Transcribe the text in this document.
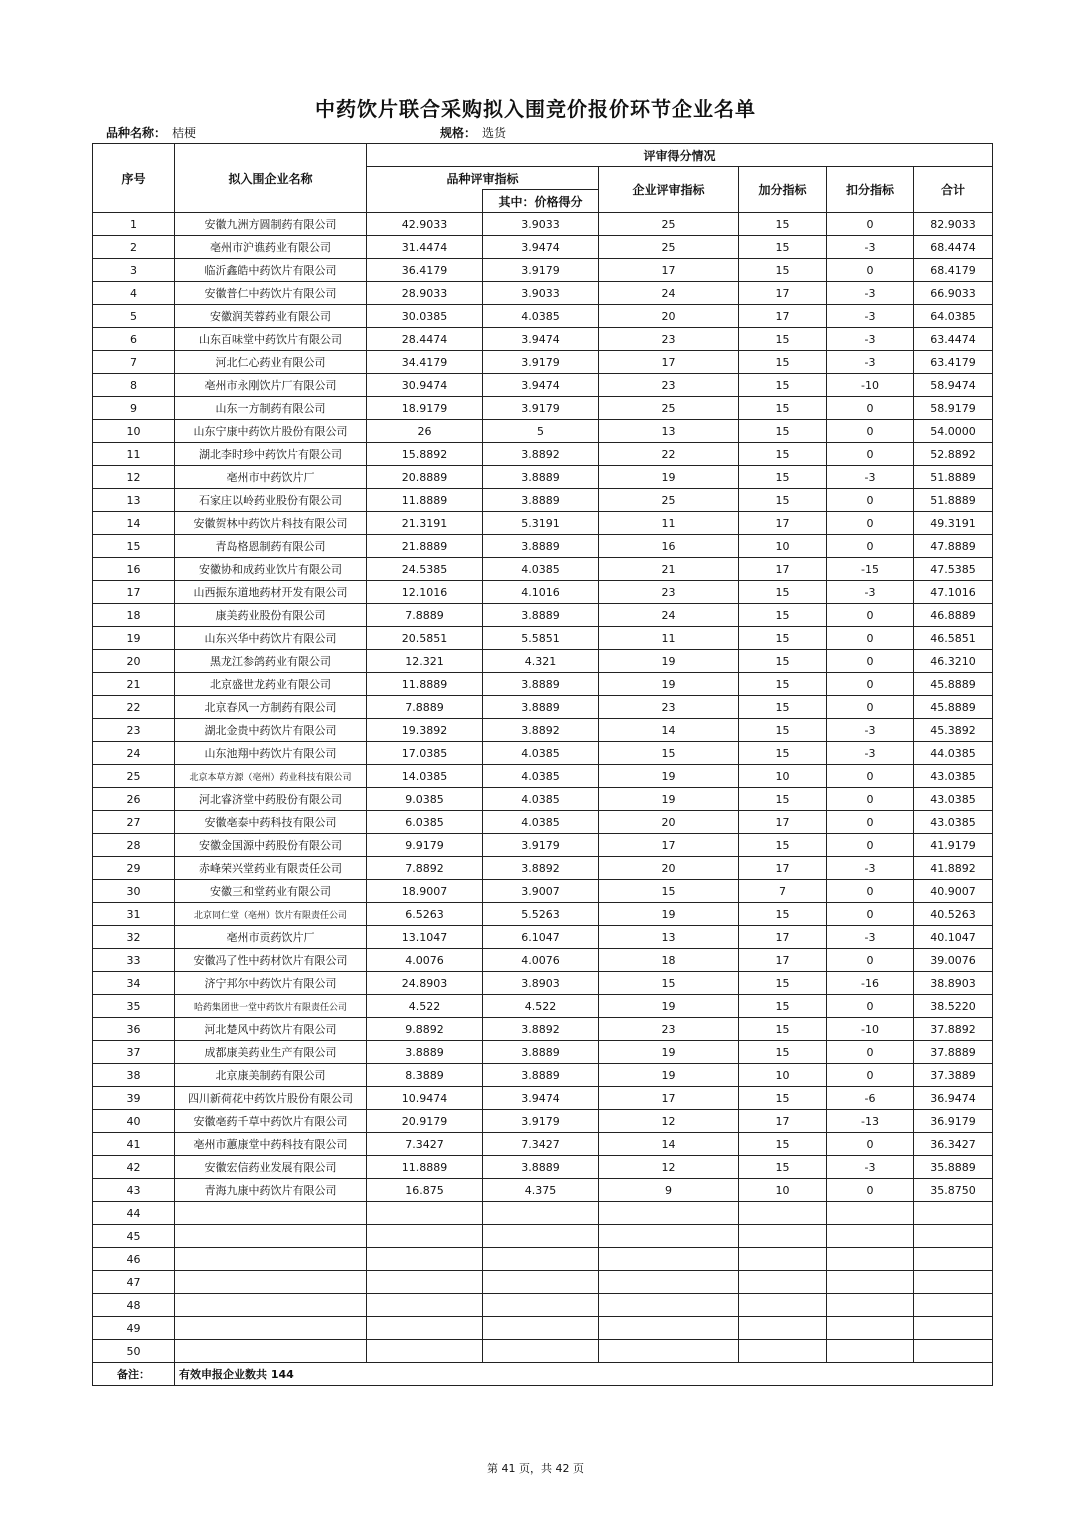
中药饮片联合采购拟入围竞价报价环节企业名单
品种名称： 桔梗	规格： 选货
序号	拟入围企业名称	评审得分情况					
		品种评审指标		企业评审指标	加分指标	扣分指标	合计
			其中：价格得分				
1	安徽九洲方圆制药有限公司	42.9033	3.9033	25	15	0	82.9033
2	亳州市沪谯药业有限公司	31.4474	3.9474	25	15	-3	68.4474
3	临沂鑫皓中药饮片有限公司	36.4179	3.9179	17	15	0	68.4179
4	安徽普仁中药饮片有限公司	28.9033	3.9033	24	17	-3	66.9033
5	安徽润芙蓉药业有限公司	30.0385	4.0385	20	17	-3	64.0385
6	山东百味堂中药饮片有限公司	28.4474	3.9474	23	15	-3	63.4474
7	河北仁心药业有限公司	34.4179	3.9179	17	15	-3	63.4179
8	亳州市永刚饮片厂有限公司	30.9474	3.9474	23	15	-10	58.9474
9	山东一方制药有限公司	18.9179	3.9179	25	15	0	58.9179
10	山东宁康中药饮片股份有限公司	26	5	13	15	0	54.0000
11	湖北李时珍中药饮片有限公司	15.8892	3.8892	22	15	0	52.8892
12	亳州市中药饮片厂	20.8889	3.8889	19	15	-3	51.8889
13	石家庄以岭药业股份有限公司	11.8889	3.8889	25	15	0	51.8889
14	安徽贺林中药饮片科技有限公司	21.3191	5.3191	11	17	0	49.3191
15	青岛格恩制药有限公司	21.8889	3.8889	16	10	0	47.8889
16	安徽协和成药业饮片有限公司	24.5385	4.0385	21	17	-15	47.5385
17	山西振东道地药材开发有限公司	12.1016	4.1016	23	15	-3	47.1016
18	康美药业股份有限公司	7.8889	3.8889	24	15	0	46.8889
19	山东兴华中药饮片有限公司	20.5851	5.5851	11	15	0	46.5851
20	黑龙江参鸽药业有限公司	12.321	4.321	19	15	0	46.3210
21	北京盛世龙药业有限公司	11.8889	3.8889	19	15	0	45.8889
22	北京春风一方制药有限公司	7.8889	3.8889	23	15	0	45.8889
23	湖北金贵中药饮片有限公司	19.3892	3.8892	14	15	-3	45.3892
24	山东池翔中药饮片有限公司	17.0385	4.0385	15	15	-3	44.0385
25	北京本草方源（亳州）药业科技有限公司	14.0385	4.0385	19	10	0	43.0385
26	河北睿济堂中药股份有限公司	9.0385	4.0385	19	15	0	43.0385
27	安徽亳泰中药科技有限公司	6.0385	4.0385	20	17	0	43.0385
28	安徽金国源中药股份有限公司	9.9179	3.9179	17	15	0	41.9179
29	赤峰荣兴堂药业有限责任公司	7.8892	3.8892	20	17	-3	41.8892
30	安徽三和堂药业有限公司	18.9007	3.9007	15	7	0	40.9007
31	北京同仁堂（亳州）饮片有限责任公司	6.5263	5.5263	19	15	0	40.5263
32	亳州市贡药饮片厂	13.1047	6.1047	13	17	-3	40.1047
33	安徽冯了性中药材饮片有限公司	4.0076	4.0076	18	17	0	39.0076
34	济宁邦尔中药饮片有限公司	24.8903	3.8903	15	15	-16	38.8903
35	哈药集团世一堂中药饮片有限责任公司	4.522	4.522	19	15	0	38.5220
36	河北楚风中药饮片有限公司	9.8892	3.8892	23	15	-10	37.8892
37	成都康美药业生产有限公司	3.8889	3.8889	19	15	0	37.8889
38	北京康美制药有限公司	8.3889	3.8889	19	10	0	37.3889
39	四川新荷花中药饮片股份有限公司	10.9474	3.9474	17	15	-6	36.9474
40	安徽亳药千草中药饮片有限公司	20.9179	3.9179	12	17	-13	36.9179
41	亳州市蕙康堂中药科技有限公司	7.3427	7.3427	14	15	0	36.3427
42	安徽宏信药业发展有限公司	11.8889	3.8889	12	15	-3	35.8889
43	青海九康中药饮片有限公司	16.875	4.375	9	10	0	35.8750
44							
45							
46							
47							
48							
49							
50							
备注：	有效申报企业数共 144						
第 41 页，共 42 页
